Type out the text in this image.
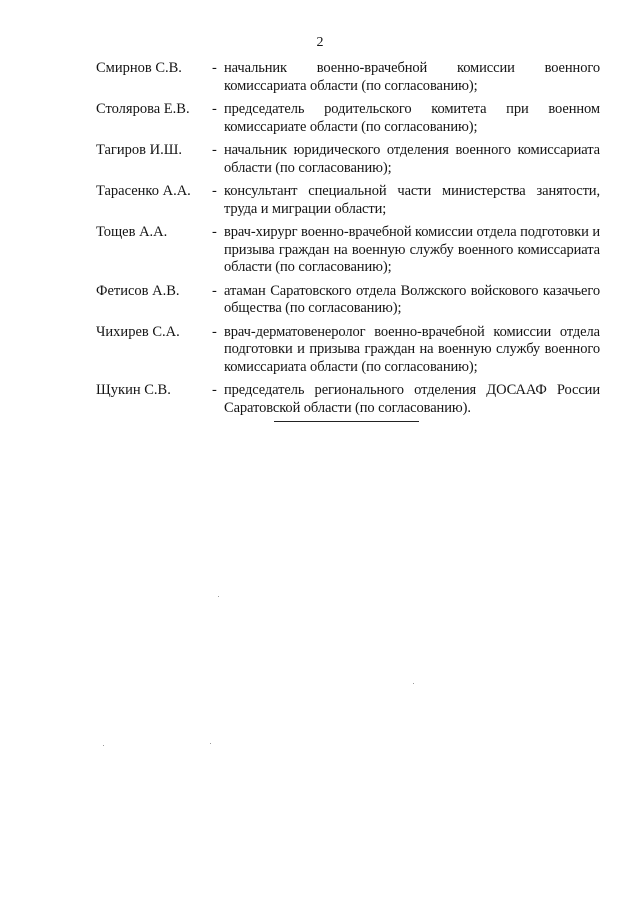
2
Смирнов С.В.	- начальник военно-врачебной комиссии военного комиссариата области (по согласованию);
Столярова Е.В.	- председатель родительского комитета при военном комиссариате области (по согласованию);
Тагиров И.Ш.	- начальник юридического отделения военного комиссариата области (по согласованию);
Тарасенко А.А.	- консультант специальной части министерства занятости, труда и миграции области;
Тощев А.А.	- врач-хирург военно-врачебной комиссии отдела подготовки и призыва граждан на военную службу военного комиссариата области (по согласованию);
Фетисов А.В.	- атаман Саратовского отдела Волжского войскового казачьего общества (по согласованию);
Чихирев С.А.	- врач-дерматовенеролог военно-врачебной комиссии отдела подготовки и призыва граждан на военную службу военного комиссариата области (по согласованию);
Щукин С.В.	- председатель регионального отделения ДОСААФ России Саратовской области (по согласованию).
